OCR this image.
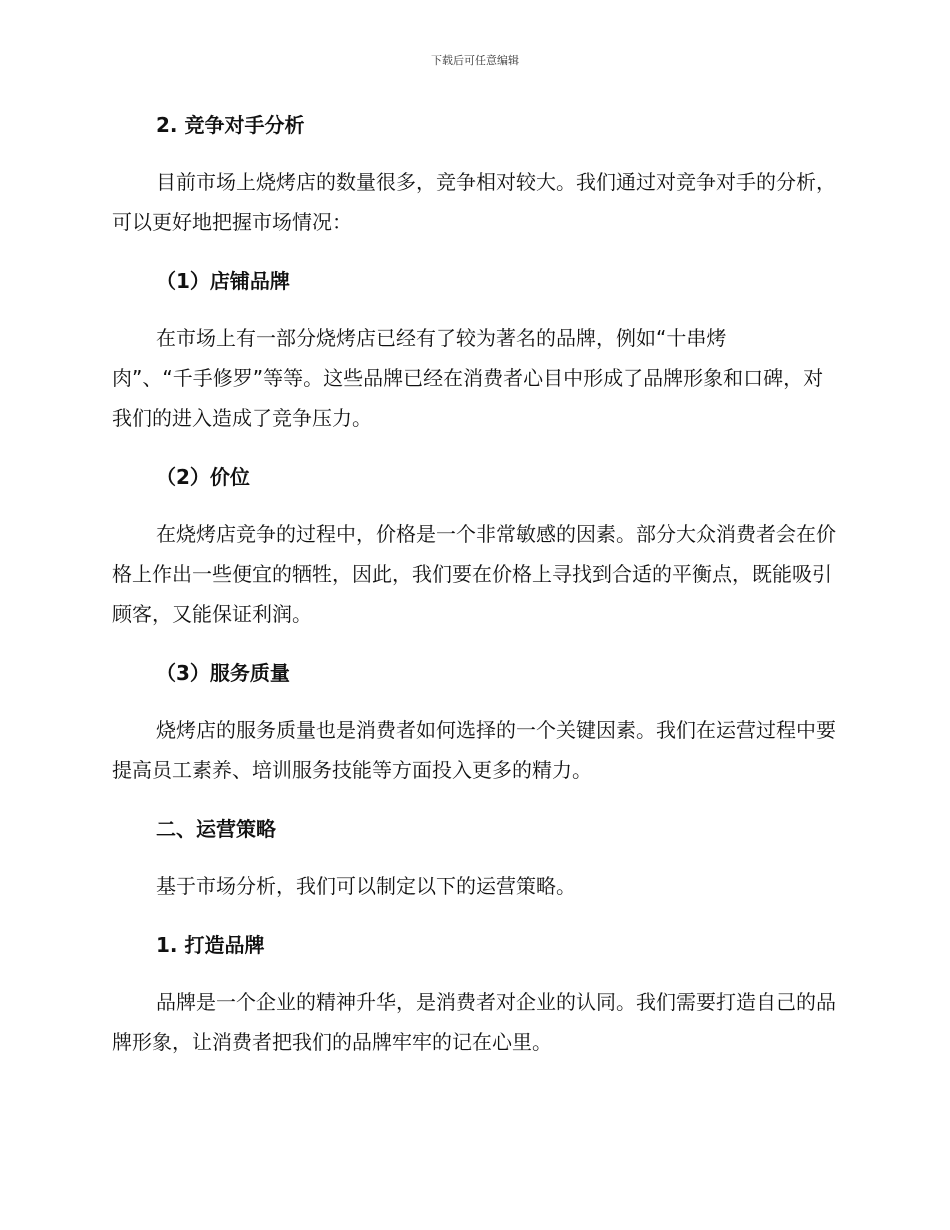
下载后可任意编辑
2. 竞争对手分析

目前市场上烧烤店的数量很多，竞争相对较大。我们通过对竞争对手的分析，可以更好地把握市场情况：

（1）店铺品牌

在市场上有一部分烧烤店已经有了较为著名的品牌，例如“十串烤
肉”、“千手修罗”等等。这些品牌已经在消费者心目中形成了品牌形象和口碑，对我们的进入造成了竞争压力。

（2）价位

在烧烤店竞争的过程中，价格是一个非常敏感的因素。部分大众消费者会在价格上作出一些便宜的牺牲，因此，我们要在价格上寻找到合适的平衡点，既能吸引顾客，又能保证利润。

（3）服务质量

烧烤店的服务质量也是消费者如何选择的一个关键因素。我们在运营过程中要提高员工素养、培训服务技能等方面投入更多的精力。

二、运营策略

基于市场分析，我们可以制定以下的运营策略。

1. 打造品牌

品牌是一个企业的精神升华，是消费者对企业的认同。我们需要打造自己的品牌形象，让消费者把我们的品牌牢牢的记在心里。
